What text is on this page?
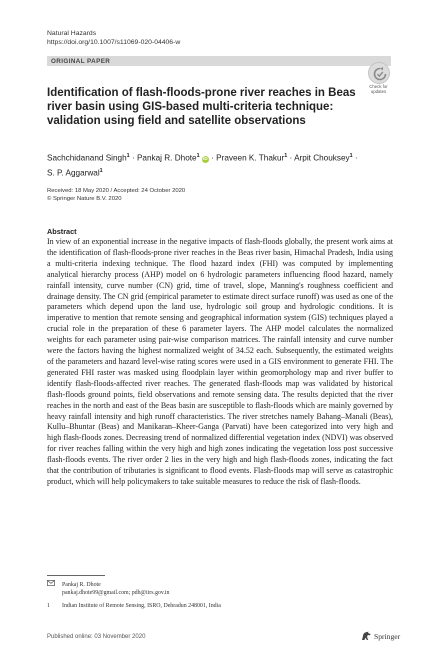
Natural Hazards
https://doi.org/10.1007/s11069-020-04406-w
ORIGINAL PAPER
Check for
updates
Identification of flash-floods-prone river reaches in Beas river basin using GIS-based multi-criteria technique: validation using field and satellite observations
Sachchidanand Singh$^1$ · Pankaj R. Dhote$^1$ iD · Praveen K. Thakur$^1$ · Arpit Chouksey$^1$ ·
S. P. Aggarwal$^1$
Received: 18 May 2020 / Accepted: 24 October 2020
© Springer Nature B.V. 2020
Abstract
In view of an exponential increase in the negative impacts of flash-floods globally, the present work aims at the identification of flash-floods-prone river reaches in the Beas river basin, Himachal Pradesh, India using a multi-criteria indexing technique. The flood hazard index (FHI) was computed by implementing analytical hierarchy process (AHP) model on 6 hydrologic parameters influencing flood hazard, namely rainfall intensity, curve number (CN) grid, time of travel, slope, Manning's roughness coefficient and drainage density. The CN grid (empirical parameter to estimate direct surface runoff) was used as one of the parameters which depend upon the land use, hydrologic soil group and hydrologic conditions. It is imperative to mention that remote sensing and geographical information system (GIS) techniques played a crucial role in the preparation of these 6 parameter layers. The AHP model calculates the normalized weights for each parameter using pair-wise comparison matrices. The rainfall intensity and curve number were the factors having the highest normalized weight of 34.52 each. Subsequently, the estimated weights of the parameters and hazard level-wise rating scores were used in a GIS environment to generate FHI. The generated FHI raster was masked using floodplain layer within geomorphology map and river buffer to identify flash-floods-affected river reaches. The generated flash-floods map was validated by historical flash-floods ground points, field observations and remote sensing data. The results depicted that the river reaches in the north and east of the Beas basin are susceptible to flash-floods which are mainly governed by heavy rainfall intensity and high runoff characteristics. The river stretches namely Bahang–Manali (Beas), Kullu–Bhuntar (Beas) and Manikaran–Kheer-Ganga (Parvati) have been categorized into very high and high flash-floods zones. Decreasing trend of normalized differential vegetation index (NDVI) was observed for river reaches falling within the very high and high zones indicating the vegetation loss post successive flash-floods events. The river order 2 lies in the very high and high flash-floods zones, indicating the fact that the contribution of tributaries is significant to flood events. Flash-floods map will serve as catastrophic product, which will help policymakers to take suitable measures to reduce the risk of flash-floods.
Pankaj R. Dhote
pankaj.dhote99@gmail.com; pdh@iirs.gov.in
1 Indian Institute of Remote Sensing, ISRO, Dehradun 248001, India
Published online: 03 November 2020	Springer
